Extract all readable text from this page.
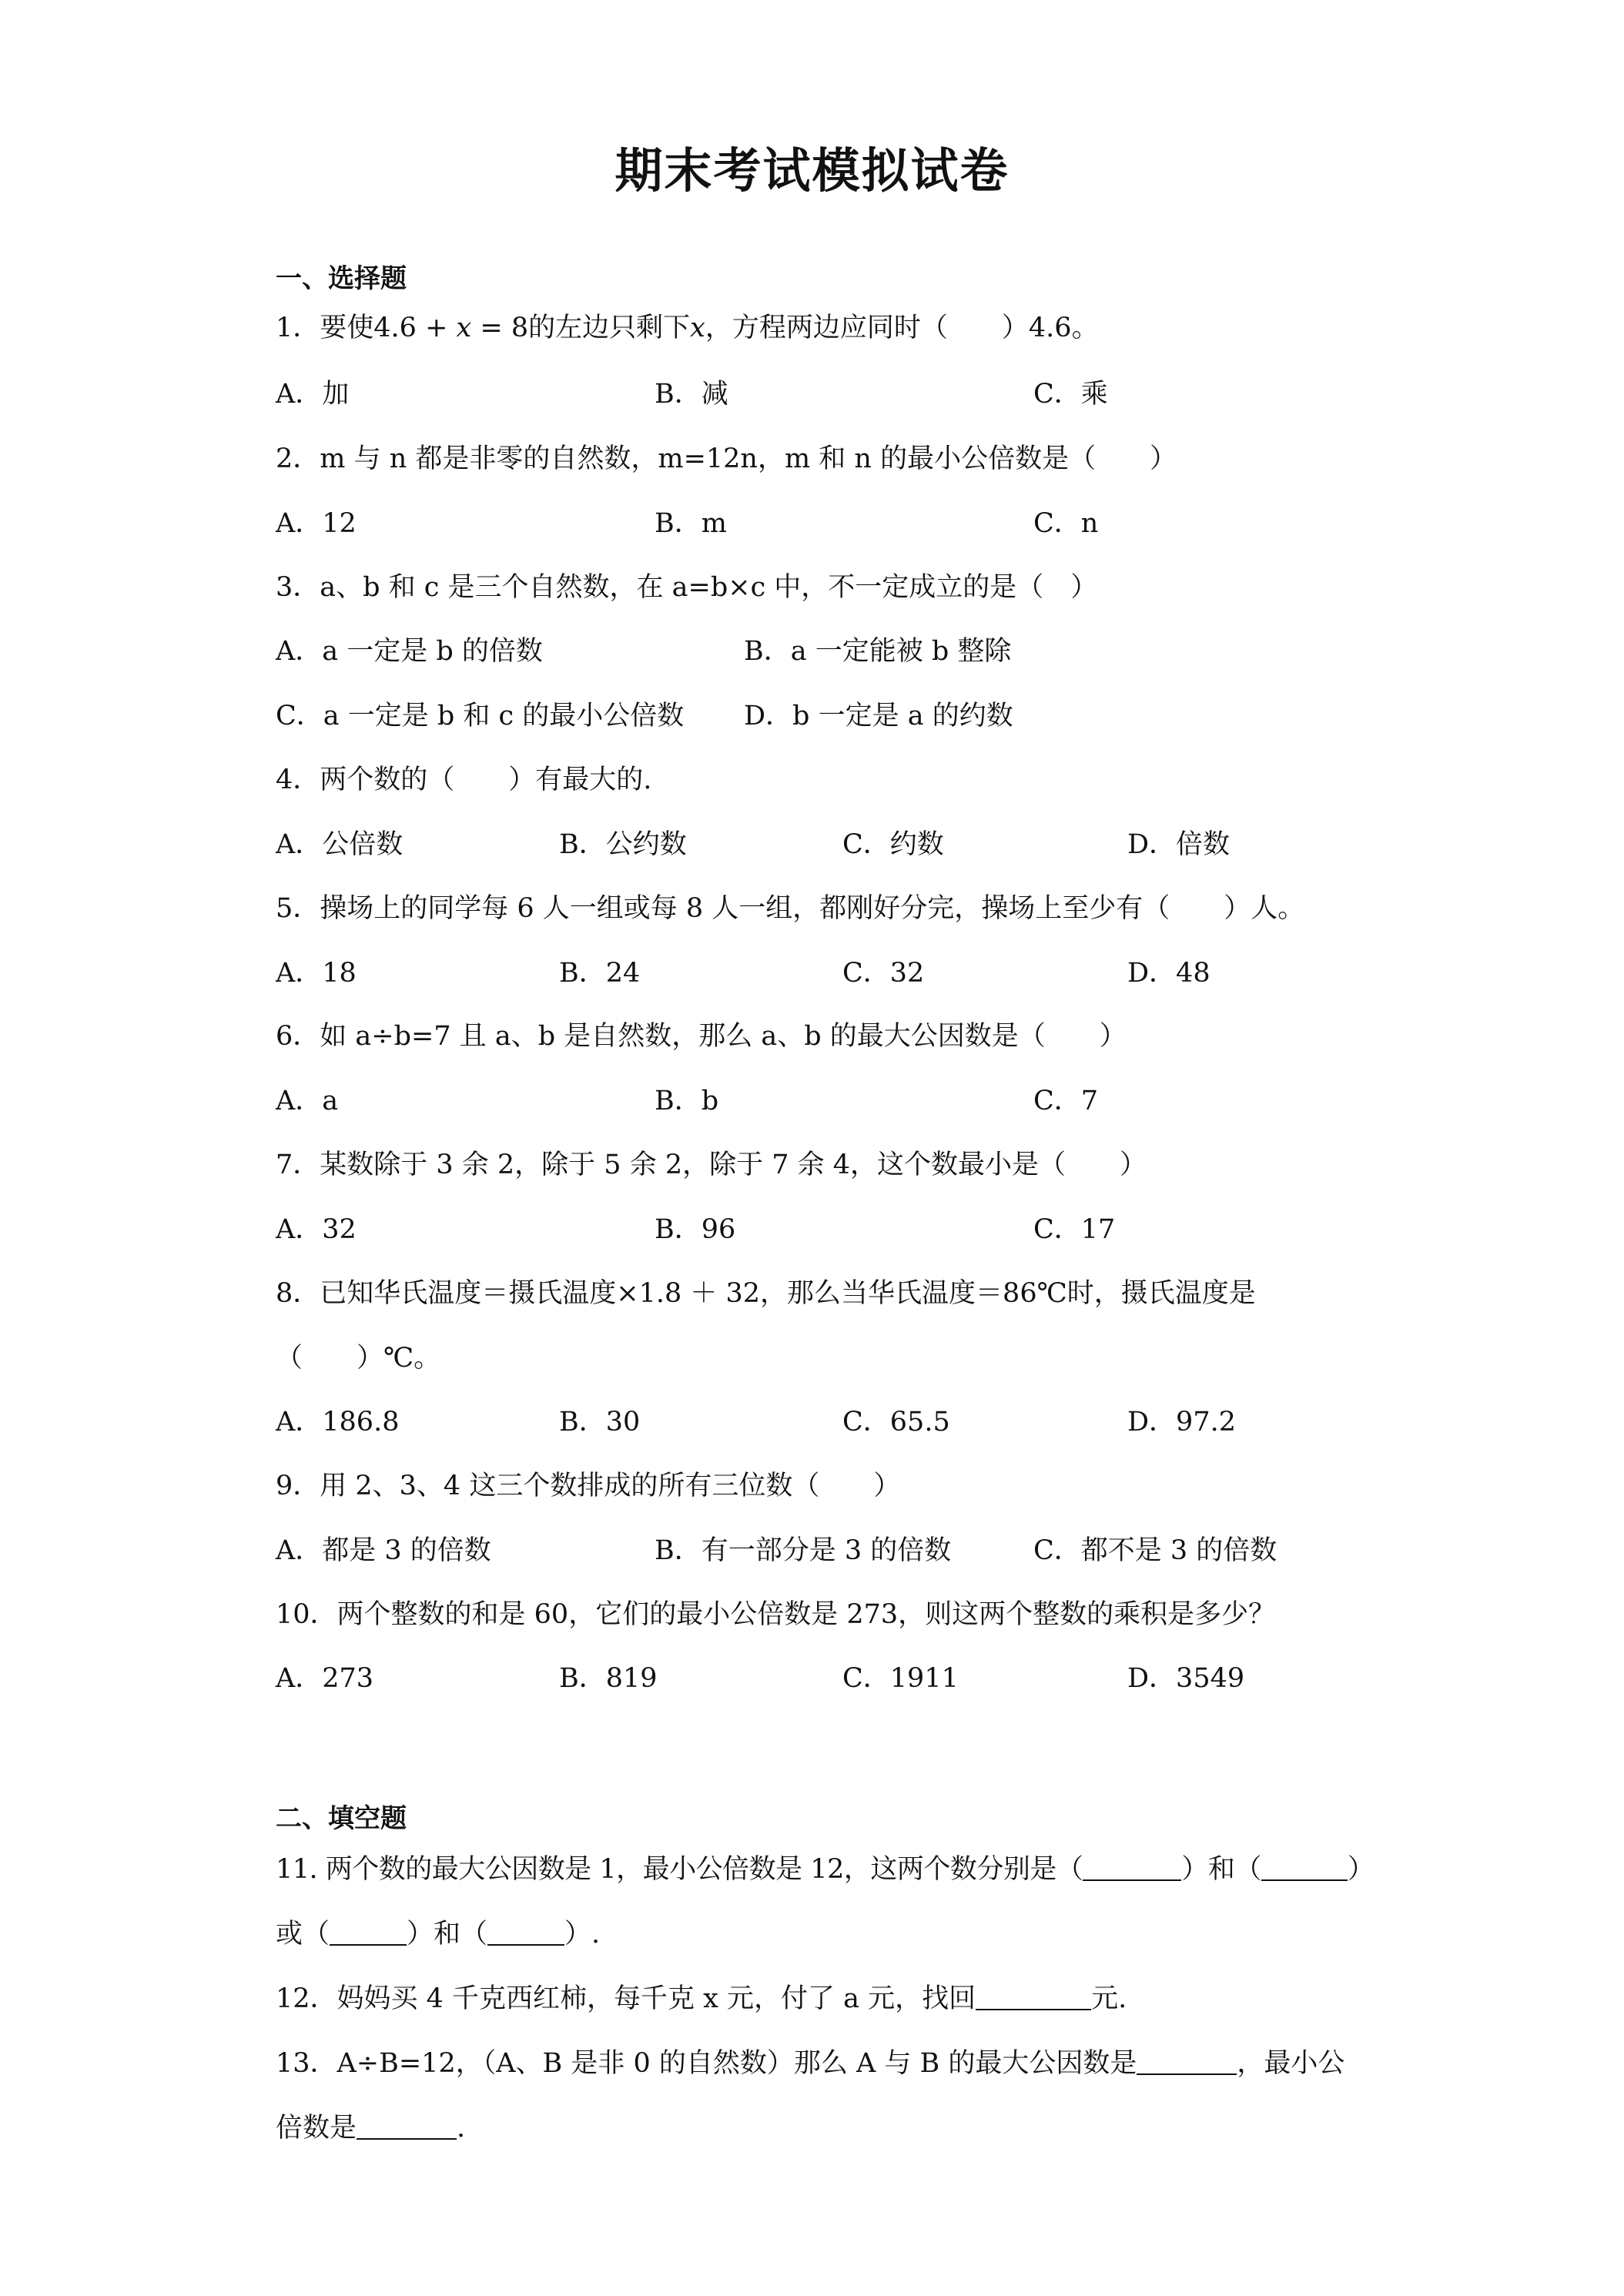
期末考试模拟试卷
一、选择题
1．要使4.6 + x = 8的左边只剩下x，方程两边应同时（　　）4.6。
A．加	B．减	C．乘
2．m 与 n 都是非零的自然数，m=12n，m 和 n 的最小公倍数是（　　）
A．12	B．m	C．n
3．a、b 和 c 是三个自然数，在 a=b×c 中，不一定成立的是（　）
A．a 一定是 b 的倍数	B．a 一定能被 b 整除
C．a 一定是 b 和 c 的最小公倍数 D．b 一定是 a 的约数
4．两个数的（　　）有最大的.
A．公倍数	B．公约数	C．约数	D．倍数
5．操场上的同学每 6 人一组或每 8 人一组，都刚好分完，操场上至少有（　　）人。
A．18	B．24	C．32	D．48
6．如 a÷b=7 且 a、b 是自然数，那么 a、b 的最大公因数是（　　）
A．a	B．b	C．7
7．某数除于 3 余 2，除于 5 余 2，除于 7 余 4，这个数最小是（　　）
A．32	B．96	C．17
8．已知华氏温度＝摄氏温度×1.8 ＋ 32，那么当华氏温度＝86℃时，摄氏温度是
（　　）℃。
A．186.8	B．30	C．65.5	D．97.2
9．用 2、3、4 这三个数排成的所有三位数（　　）
A．都是 3 的倍数	B．有一部分是 3 的倍数	C．都不是 3 的倍数
10．两个整数的和是 60，它们的最小公倍数是 273，则这两个整数的乘积是多少？
A．273	B．819	C．1911	D．3549
二、填空题
11. 两个数的最大公因数是 1，最小公倍数是 12，这两个数分别是（	）和（	）
或（	）和（	）.
12．妈妈买 4 千克西红柿，每千克 x 元，付了 a 元，找回	元.
13．A÷B=12，（A、B 是非 0 的自然数）那么 A 与 B 的最大公因数是	，最小公
倍数是	.
